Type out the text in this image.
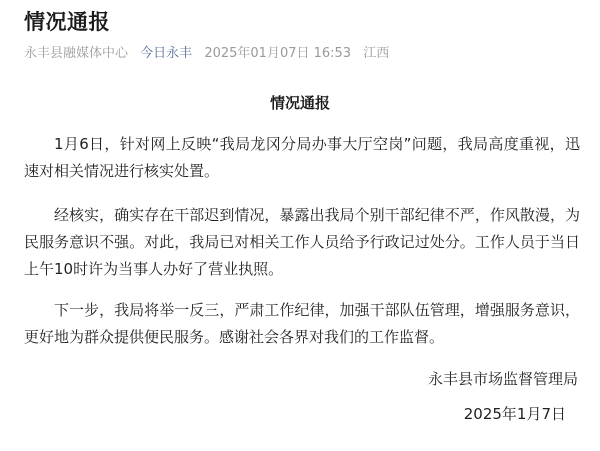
情况通报
永丰县融媒体中心 今日永丰 2025年01月07日 16:53 江西
情况通报

1月6日，针对网上反映“我局龙冈分局办事大厅空岗”问题，我局高度重视，迅速对相关情况进行核实处置。

经核实，确实存在干部迟到情况，暴露出我局个别干部纪律不严，作风散漫，为民服务意识不强。对此，我局已对相关工作人员给予行政记过处分。工作人员于当日上午10时许为当事人办好了营业执照。

下一步，我局将举一反三，严肃工作纪律，加强干部队伍管理，增强服务意识，更好地为群众提供便民服务。感谢社会各界对我们的工作监督。

永丰县市场监督管理局
2025年1月7日
